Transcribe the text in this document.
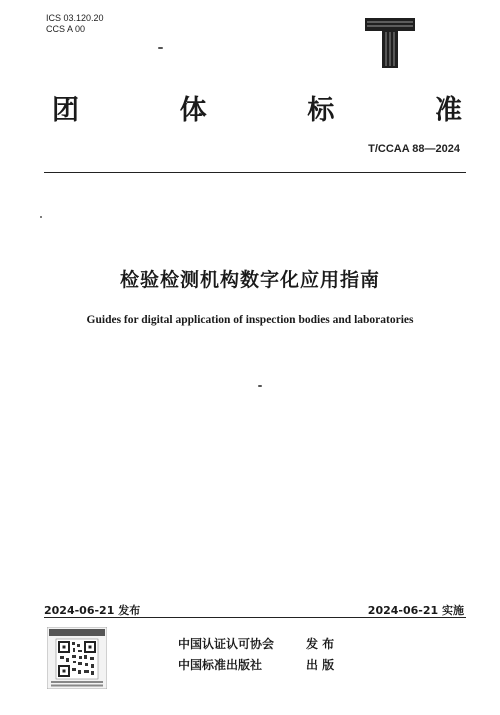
ICS 03.120.20
CCS A 00
团	体	标	准
T/CCAA 88—2024
检验检测机构数字化应用指南
Guides for digital application of inspection bodies and laboratories
2024-06-21 发布	2024-06-21 实施
中国认证认可协会	发 布
中国标准出版社	出 版
